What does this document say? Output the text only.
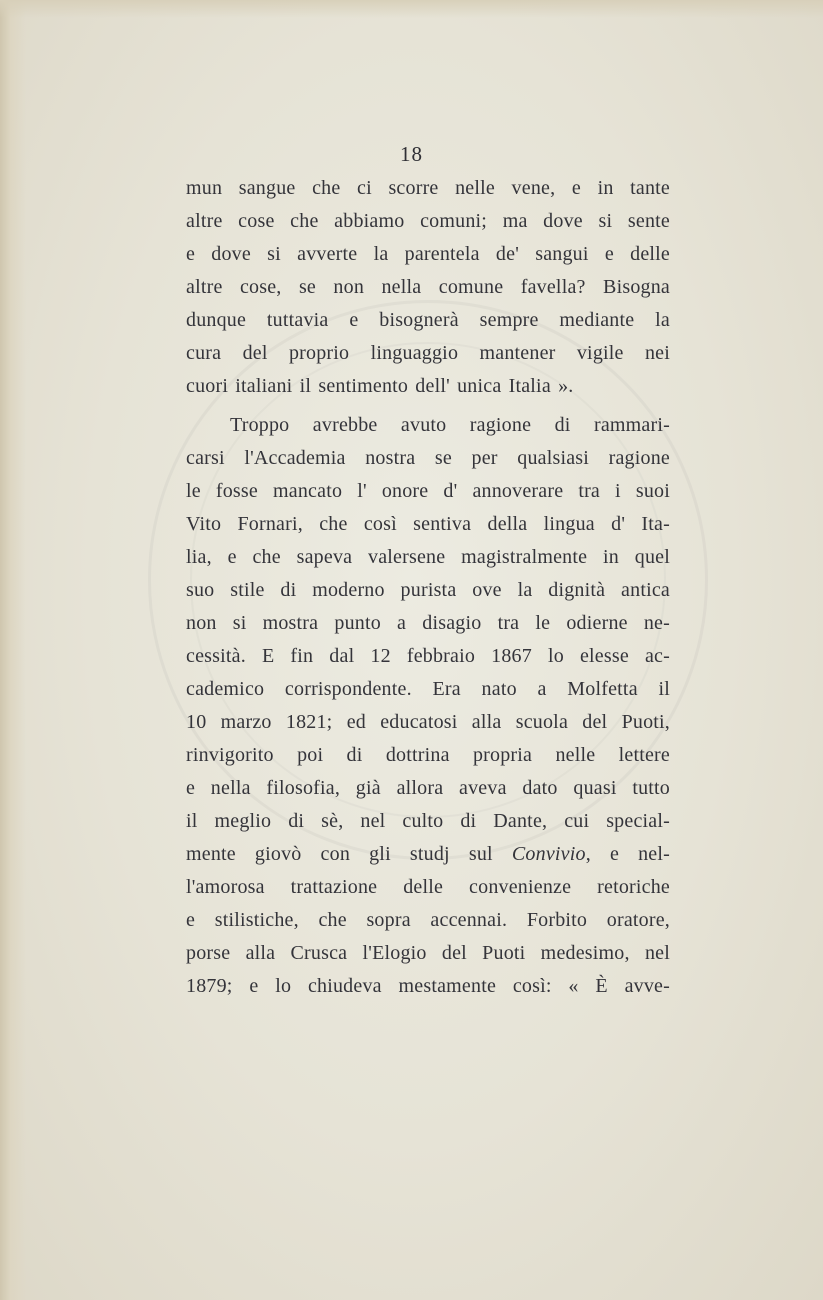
18
mun sangue che ci scorre nelle vene, e in tante
altre cose che abbiamo comuni; ma dove si sente
e dove si avverte la parentela de' sangui e delle
altre cose, se non nella comune favella? Bisogna
dunque tuttavia e bisognerà sempre mediante la
cura del proprio linguaggio mantener vigile nei
cuori italiani il sentimento dell' unica Italia ».
Troppo avrebbe avuto ragione di rammari-
carsi l'Accademia nostra se per qualsiasi ragione
le fosse mancato l' onore d' annoverare tra i suoi
Vito Fornari, che così sentiva della lingua d' Ita-
lia, e che sapeva valersene magistralmente in quel
suo stile di moderno purista ove la dignità antica
non si mostra punto a disagio tra le odierne ne-
cessità. E fin dal 12 febbraio 1867 lo elesse ac-
cademico corrispondente. Era nato a Molfetta il
10 marzo 1821; ed educatosi alla scuola del Puoti,
rinvigorito poi di dottrina propria nelle lettere
e nella filosofia, già allora aveva dato quasi tutto
il meglio di sè, nel culto di Dante, cui special-
mente giovò con gli studj sul Convivio, e nel-
l'amorosa trattazione delle convenienze retoriche
e stilistiche, che sopra accennai. Forbito oratore,
porse alla Crusca l'Elogio del Puoti medesimo, nel
1879; e lo chiudeva mestamente così: « È avve-
